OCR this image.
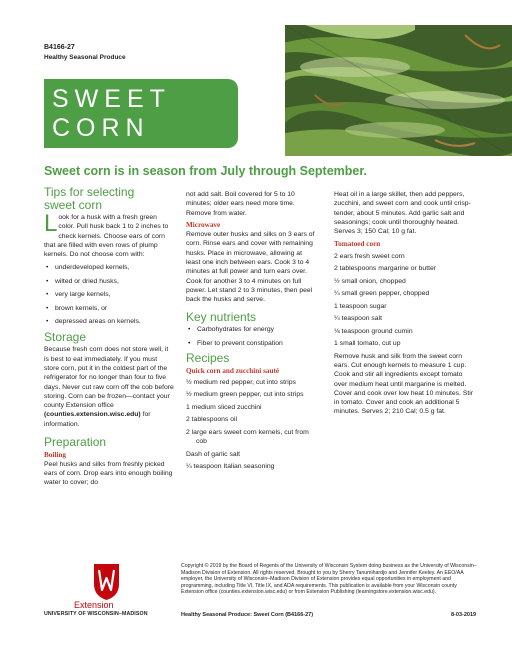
B4166-27
Healthy Seasonal Produce
SWEET
CORN
Sweet corn is in season from July through September.
Tips for selecting
sweet corn
L ook for a husk with a fresh green color. Pull husk back 1 to 2 inches to check kernels. Choose ears of corn that are filled with even rows of plump kernels. Do not choose corn with:
• underdeveloped kernels,
• wilted or dried husks,
• very large kernels,
• brown kernels, or
• depressed areas on kernels.
Storage

Because fresh corn does not store well, it is best to eat immediately. If you must store corn, put it in the coldest part of the refrigerator for no longer than four to five days. Never cut raw corn off the cob before storing. Corn can be frozen—contact your county Extension office (counties.extension.wisc.edu) for information.

Preparation
Boiling

Peel husks and silks from freshly picked ears of corn. Drop ears into enough boiling water to cover; do

not add salt. Boil covered for 5 to 10 minutes; older ears need more time. Remove from water.

Microwave

Remove outer husks and silks on 3 ears of corn. Rinse ears and cover with remaining husks. Place in microwave, allowing at least one inch between ears. Cook 3 to 4 minutes at full power and turn ears over. Cook for another 3 to 4 minutes on full power. Let stand 2 to 3 minutes, then peel back the husks and serve.

Key nutrients
• Carbohydrates for energy
• Fiber to prevent constipation
Recipes
Quick corn and zucchini sauté

½ medium red pepper, cut into strips

½ medium green pepper, cut into strips

1 medium sliced zucchini

2 tablespoons oil

2 large ears sweet corn kernels, cut from cob

Dash of garlic salt

¼ teaspoon Italian seasoning

Heat oil in a large skillet, then add peppers, zucchini, and sweet corn and cook until crisp-tender, about 5 minutes. Add garlic salt and seasonings; cook until thoroughly heated. Serves 3; 150 Cal; 10 g fat.

Tomatoed corn

2 ears fresh sweet corn

2 tablespoons margarine or butter

½ small onion, chopped

¼ small green pepper, chopped

1 teaspoon sugar

¼ teaspoon salt

⅛ teaspoon ground cumin

1 small tomato, cut up

Remove husk and silk from the sweet corn ears. Cut enough kernels to measure 1 cup. Cook and stir all ingredients except tomato over medium heat until margarine is melted. Cover and cook over low heat 10 minutes. Stir in tomato. Cover and cook an additional 5 minutes. Serves 2; 210 Cal; 0.5 g fat.

Extension
UNIVERSITY OF WISCONSIN–MADISON
Copyright © 2019 by the Board of Regents of the University of Wisconsin System doing business as the University of Wisconsin–Madison Division of Extension. All rights reserved. Brought to you by Sherry Tanumihardjo and Jennifer Keeley. An EEO/AA employer, the University of Wisconsin–Madison Division of Extension provides equal opportunities in employment and programming, including Title VI, Title IX, and ADA requirements. This publication is available from your Wisconsin county Extension office (counties.extension.wisc.edu) or from Extension Publishing (learningstore.extension.wisc.edu).
Healthy Seasonal Produce: Sweet Corn (B4166-27)	8-03-2019
